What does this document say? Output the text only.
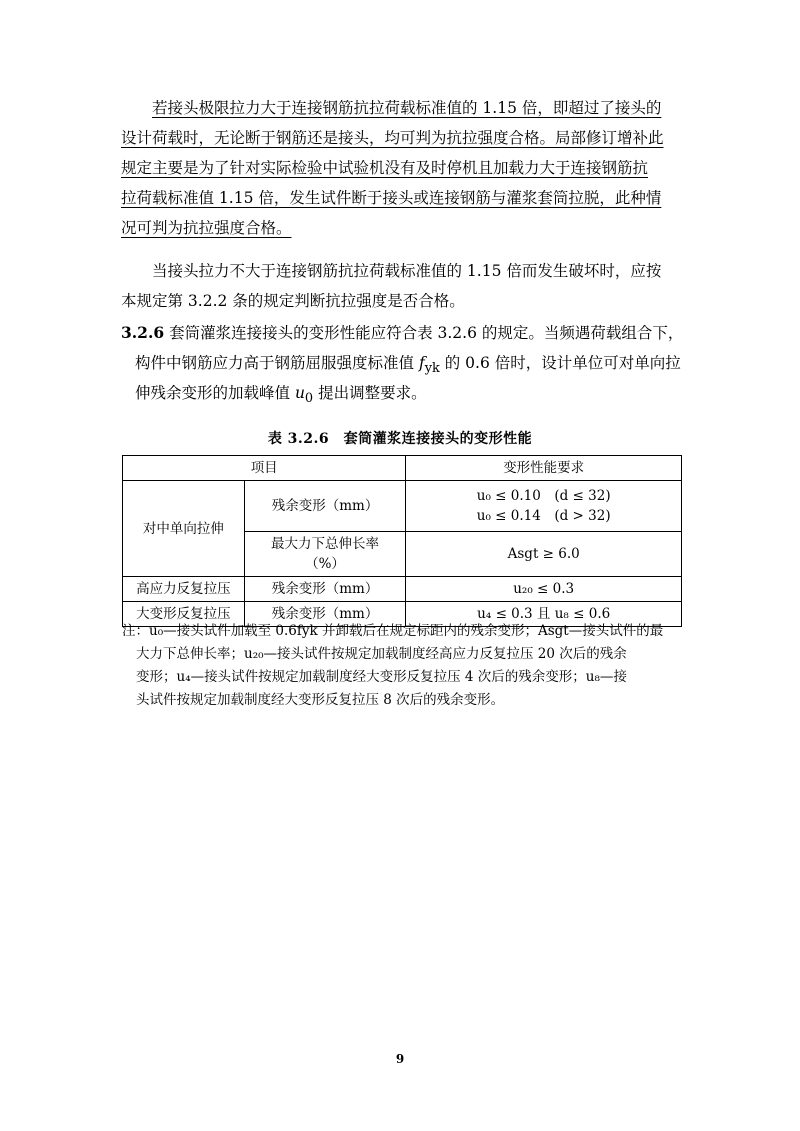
若接头极限拉力大于连接钢筋抗拉荷载标准值的 1.15 倍，即超过了接头的
设计荷载时，无论断于钢筋还是接头，均可判为抗拉强度合格。局部修订增补此
规定主要是为了针对实际检验中试验机没有及时停机且加载力大于连接钢筋抗
拉荷载标准值 1.15 倍，发生试件断于接头或连接钢筋与灌浆套筒拉脱，此种情
况可判为抗拉强度合格。
当接头拉力不大于连接钢筋抗拉荷载标准值的 1.15 倍而发生破坏时，应按
本规定第 3.2.2 条的规定判断抗拉强度是否合格。
3.2.6 套筒灌浆连接接头的变形性能应符合表 3.2.6 的规定。当频遇荷载组合下，
构件中钢筋应力高于钢筋屈服强度标准值 $f_{yk}$ 的 0.6 倍时，设计单位可对单向拉
伸残余变形的加载峰值 $u_0$ 提出调整要求。
表 3.2.6　套筒灌浆连接接头的变形性能
项目		变形性能要求
对中单向拉伸	残余变形（mm）	u₀ ≤ 0.10　(d ≤ 32)
u₀ ≤ 0.14　(d > 32)

	最大力下总伸长率
（%）	Asgt ≥ 6.0
高应力反复拉压	残余变形（mm）	u₂₀ ≤ 0.3
大变形反复拉压	残余变形（mm）	u₄ ≤ 0.3 且 u₈ ≤ 0.6
注：u₀—接头试件加载至 0.6fyk 并卸载后在规定标距内的残余变形；Asgt—接头试件的最
大力下总伸长率；u₂₀—接头试件按规定加载制度经高应力反复拉压 20 次后的残余
变形；u₄—接头试件按规定加载制度经大变形反复拉压 4 次后的残余变形；u₈—接
头试件按规定加载制度经大变形反复拉压 8 次后的残余变形。
9
